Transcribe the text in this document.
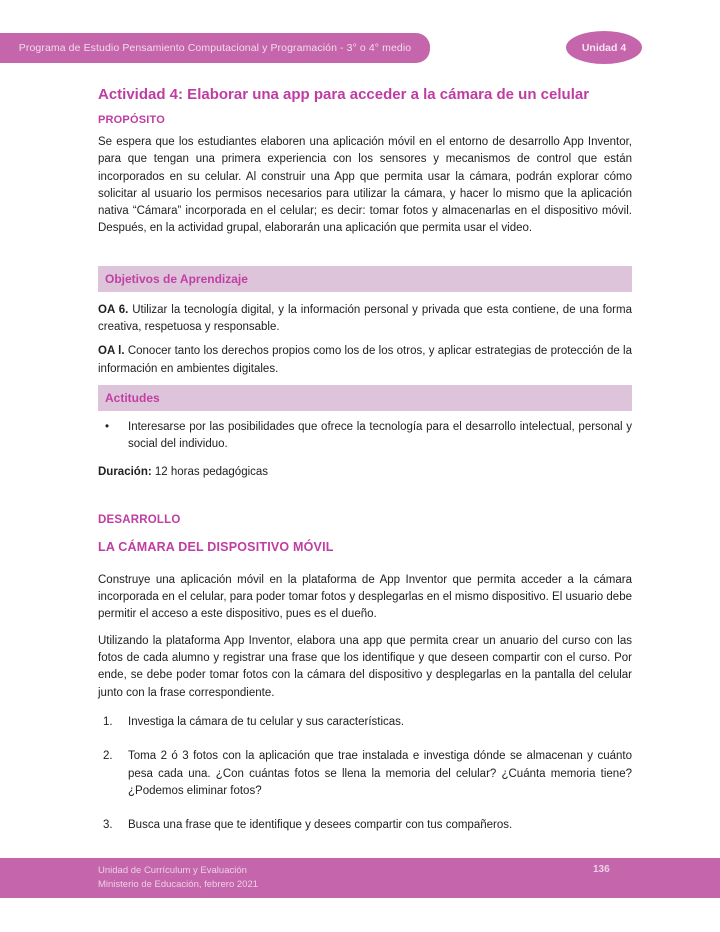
Programa de Estudio Pensamiento Computacional y Programación - 3° o 4° medio	Unidad 4
Actividad 4: Elaborar una app para acceder a la cámara de un celular
PROPÓSITO

Se espera que los estudiantes elaboren una aplicación móvil en el entorno de desarrollo App Inventor, para que tengan una primera experiencia con los sensores y mecanismos de control que están incorporados en su celular. Al construir una App que permita usar la cámara, podrán explorar cómo solicitar al usuario los permisos necesarios para utilizar la cámara, y hacer lo mismo que la aplicación nativa “Cámara” incorporada en el celular; es decir: tomar fotos y almacenarlas en el dispositivo móvil. Después, en la actividad grupal, elaborarán una aplicación que permita usar el video.

Objetivos de Aprendizaje

OA 6. Utilizar la tecnología digital, y la información personal y privada que esta contiene, de una forma creativa, respetuosa y responsable.

OA l. Conocer tanto los derechos propios como los de los otros, y aplicar estrategias de protección de la información en ambientes digitales.

Actitudes
•	Interesarse por las posibilidades que ofrece la tecnología para el desarrollo intelectual, personal y social del individuo.

Duración: 12 horas pedagógicas

DESARROLLO
LA CÁMARA DEL DISPOSITIVO MÓVIL

Construye una aplicación móvil en la plataforma de App Inventor que permita acceder a la cámara incorporada en el celular, para poder tomar fotos y desplegarlas en el mismo dispositivo. El usuario debe permitir el acceso a este dispositivo, pues es el dueño.

Utilizando la plataforma App Inventor, elabora una app que permita crear un anuario del curso con las fotos de cada alumno y registrar una frase que los identifique y que deseen compartir con el curso. Por ende, se debe poder tomar fotos con la cámara del dispositivo y desplegarlas en la pantalla del celular junto con la frase correspondiente.

1.	Investiga la cámara de tu celular y sus características.
2.	Toma 2 ó 3 fotos con la aplicación que trae instalada e investiga dónde se almacenan y cuánto pesa cada una. ¿Con cuántas fotos se llena la memoria del celular? ¿Cuánta memoria tiene? ¿Podemos eliminar fotos?
3.	Busca una frase que te identifique y desees compartir con tus compañeros.
Unidad de Currículum y Evaluación
Ministerio de Educación, febrero 2021
136
